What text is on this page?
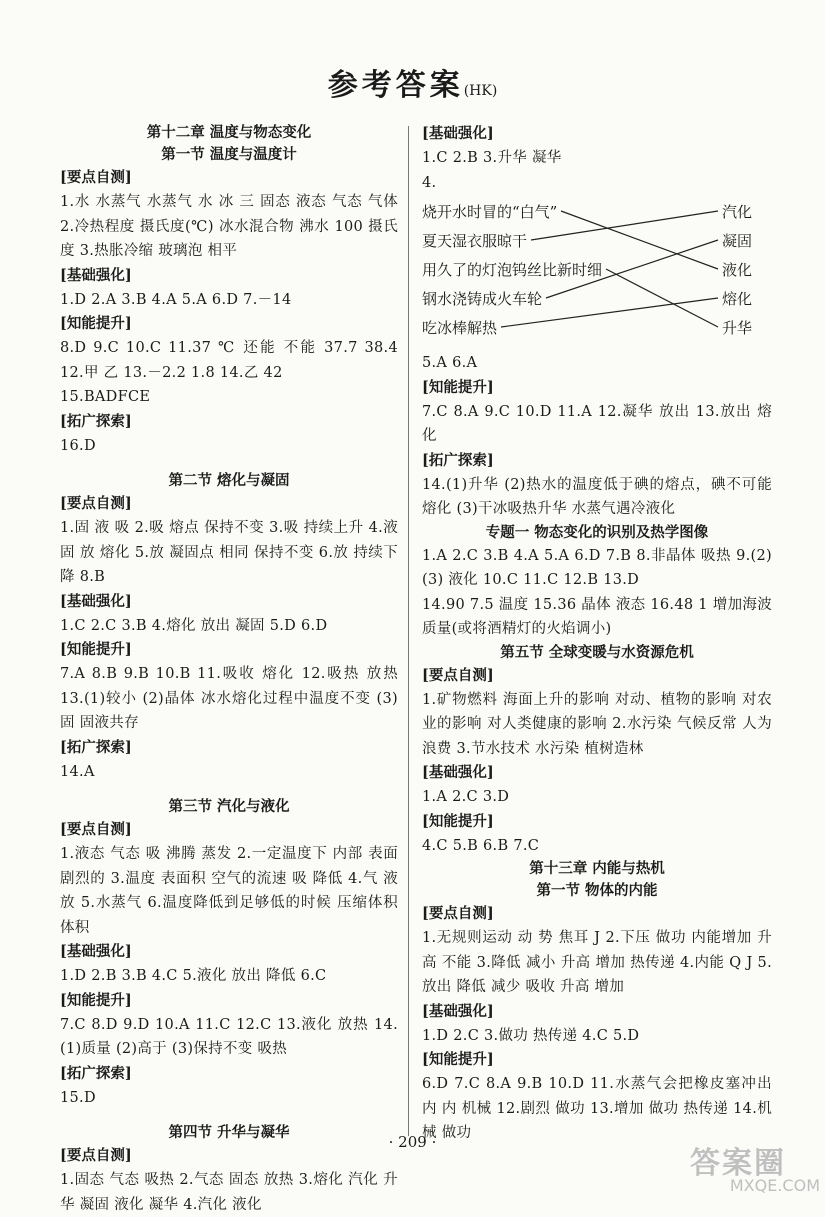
参考答案(HK)
第十二章 温度与物态变化
第一节 温度与温度计
[要点自测]
1.水 水蒸气 水蒸气 水 冰 三 固态 液态 气态 气体 2.冷热程度 摄氏度(℃) 冰水混合物 沸水 100 摄氏度 3.热胀冷缩 玻璃泡 相平
[基础强化]
1.D 2.A 3.B 4.A 5.A 6.D 7.－14
[知能提升]
8.D 9.C 10.C 11.37 ℃ 还能 不能 37.7 38.4 12.甲 乙 13.－2.2 1.8 14.乙 42
15.BADFCE
[拓广探索]
16.D
第二节 熔化与凝固
[要点自测]
1.固 液 吸 2.吸 熔点 保持不变 3.吸 持续上升 4.液 固 放 熔化 5.放 凝固点 相同 保持不变 6.放 持续下降 8.B
[基础强化]
1.C 2.C 3.B 4.熔化 放出 凝固 5.D 6.D
[知能提升]
7.A 8.B 9.B 10.B 11.吸收 熔化 12.吸热 放热 13.(1)较小 (2)晶体 冰水熔化过程中温度不变 (3)固 固液共存
[拓广探索]
14.A
第三节 汽化与液化
[要点自测]
1.液态 气态 吸 沸腾 蒸发 2.一定温度下 内部 表面 剧烈的 3.温度 表面积 空气的流速 吸 降低 4.气 液 放 5.水蒸气 6.温度降低到足够低的时候 压缩体积 体积
[基础强化]
1.D 2.B 3.B 4.C 5.液化 放出 降低 6.C
[知能提升]
7.C 8.D 9.D 10.A 11.C 12.C 13.液化 放热 14.(1)质量 (2)高于 (3)保持不变 吸热
[拓广探索]
15.D
第四节 升华与凝华
[要点自测]
1.固态 气态 吸热 2.气态 固态 放热 3.熔化 汽化 升华 凝固 液化 凝华 4.汽化 液化
[基础强化]
1.C 2.B 3.升华 凝华
4.
烧开水时冒的“白气”
夏天湿衣服晾干
用久了的灯泡钨丝比新时细
钢水浇铸成火车轮
吃冰棒解热
汽化
凝固
液化
熔化
升华
5.A 6.A
[知能提升]
7.C 8.A 9.C 10.D 11.A 12.凝华 放出 13.放出 熔化
[拓广探索]
14.(1)升华 (2)热水的温度低于碘的熔点，碘不可能熔化 (3)干冰吸热升华 水蒸气遇冷液化
专题一 物态变化的识别及热学图像
1.A 2.C 3.B 4.A 5.A 6.D 7.B 8.非晶体 吸热 9.(2)(3) 液化 10.C 11.C 12.B 13.D
14.90 7.5 温度 15.36 晶体 液态 16.48 1 增加海波质量(或将酒精灯的火焰调小)
第五节 全球变暖与水资源危机
[要点自测]
1.矿物燃料 海面上升的影响 对动、植物的影响 对农业的影响 对人类健康的影响 2.水污染 气候反常 人为浪费 3.节水技术 水污染 植树造林
[基础强化]
1.A 2.C 3.D
[知能提升]
4.C 5.B 6.B 7.C
第十三章 内能与热机
第一节 物体的内能
[要点自测]
1.无规则运动 动 势 焦耳 J 2.下压 做功 内能增加 升高 不能 3.降低 减小 升高 增加 热传递 4.内能 Q J 5.放出 降低 减少 吸收 升高 增加
[基础强化]
1.D 2.C 3.做功 热传递 4.C 5.D
[知能提升]
6.D 7.C 8.A 9.B 10.D 11.水蒸气会把橡皮塞冲出 内 内 机械 12.剧烈 做功 13.增加 做功 热传递 14.机械 做功
· 209 ·
答案圈
MXQE.COM
